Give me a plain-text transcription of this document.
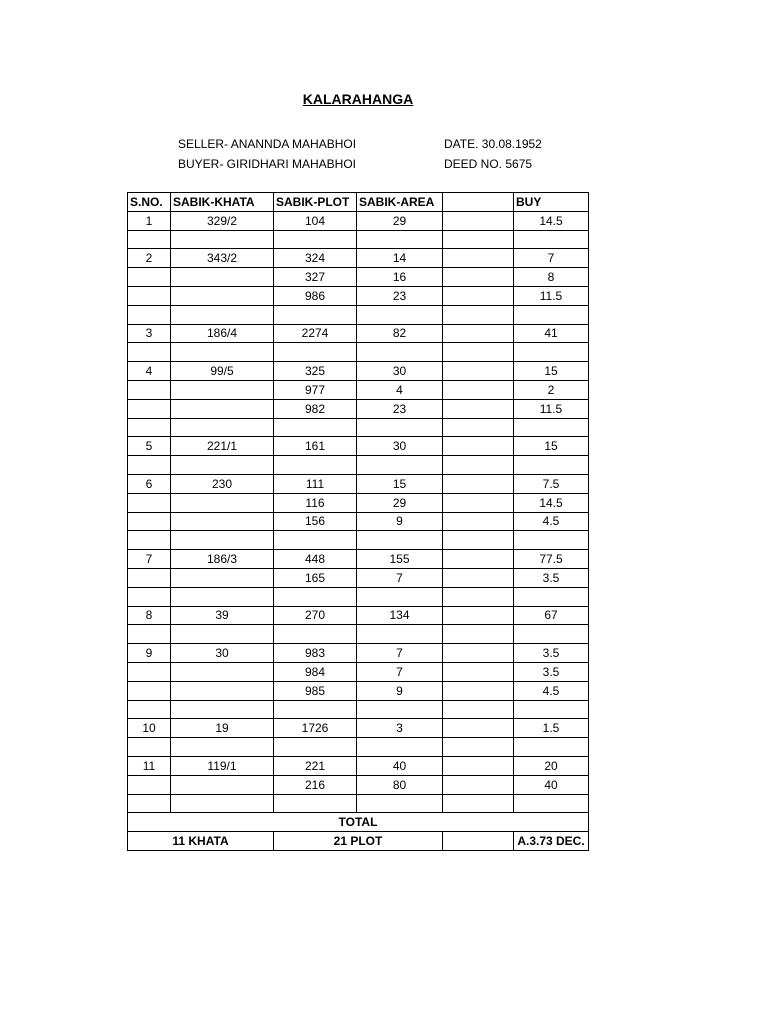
KALARAHANGA
SELLER- ANANNDA MAHABHOI
BUYER- GIRIDHARI MAHABHOI
DATE. 30.08.1952
DEED NO. 5675
S.NO.	SABIK-KHATA	SABIK-PLOT	SABIK-AREA		BUY
1	329/2	104	29		14.5

2	343/2	324	14		7
		327	16		8
		986	23		11.5

3	186/4	2274	82		41

4	99/5	325	30		15
		977	4		2
		982	23		11.5

5	221/1	161	30		15

6	230	111	15		7.5
		116	29		14.5
		156	9		4.5

7	186/3	448	155		77.5
		165	7		3.5

8	39	270	134		67

9	30	983	7		3.5
		984	7		3.5
		985	9		4.5

10	19	1726	3		1.5

11	119/1	221	40		20
		216	80		40

TOTAL					
11 KHATA		21 PLOT			A.3.73 DEC.
